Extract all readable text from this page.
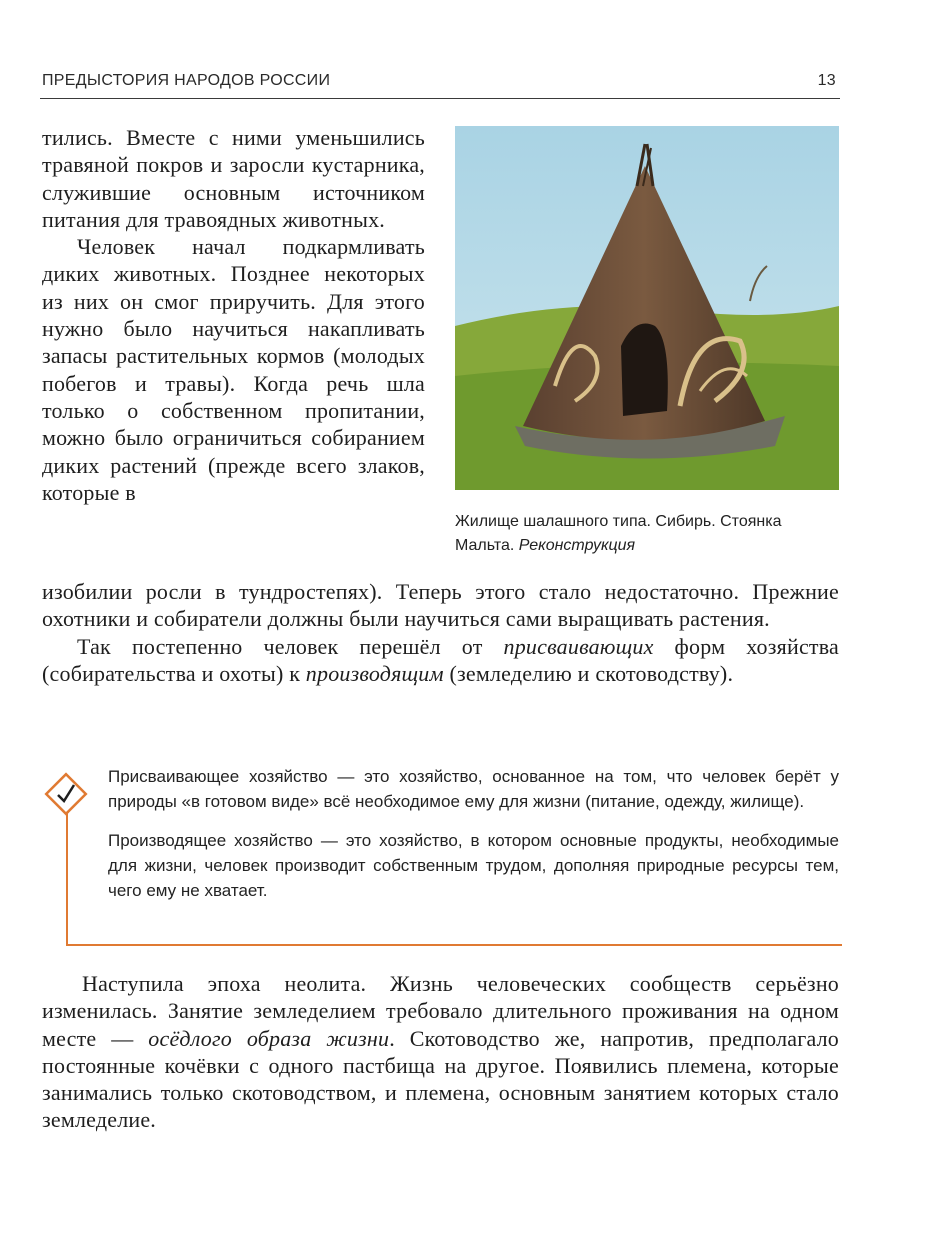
ПРЕДЫСТОРИЯ НАРОДОВ РОССИИ	13

тились. Вместе с ними уменьшились травяной покров и заросли кустарника, служившие основным источником питания для травоядных животных.

Человек начал подкармливать диких животных. Позднее некоторых из них он смог приручить. Для этого нужно было научиться накапливать запасы растительных кормов (молодых побегов и травы). Когда речь шла только о собственном пропитании, можно было ограничиться собиранием диких растений (прежде всего злаков, которые в

Жилище шалашного типа. Сибирь. Стоянка Мальта. Реконструкция

изобилии росли в тундростепях). Теперь этого стало недостаточно. Прежние охотники и собиратели должны были научиться сами выращивать растения.

Так постепенно человек перешёл от присваивающих форм хозяйства (собирательства и охоты) к производящим (земледелию и скотоводству).

Присваивающее хозяйство — это хозяйство, основанное на том, что человек берёт у природы «в готовом виде» всё необходимое ему для жизни (питание, одежду, жилище).

Производящее хозяйство — это хозяйство, в котором основные продукты, необходимые для жизни, человек производит собственным трудом, дополняя природные ресурсы тем, чего ему не хватает.

Наступила эпоха неолита. Жизнь человеческих сообществ серьёзно изменилась. Занятие земледелием требовало длительного проживания на одном месте — осёдлого образа жизни. Скотоводство же, напротив, предполагало постоянные кочёвки с одного пастбища на другое. Появились племена, которые занимались только скотоводством, и племена, основным занятием которых стало земледелие.
